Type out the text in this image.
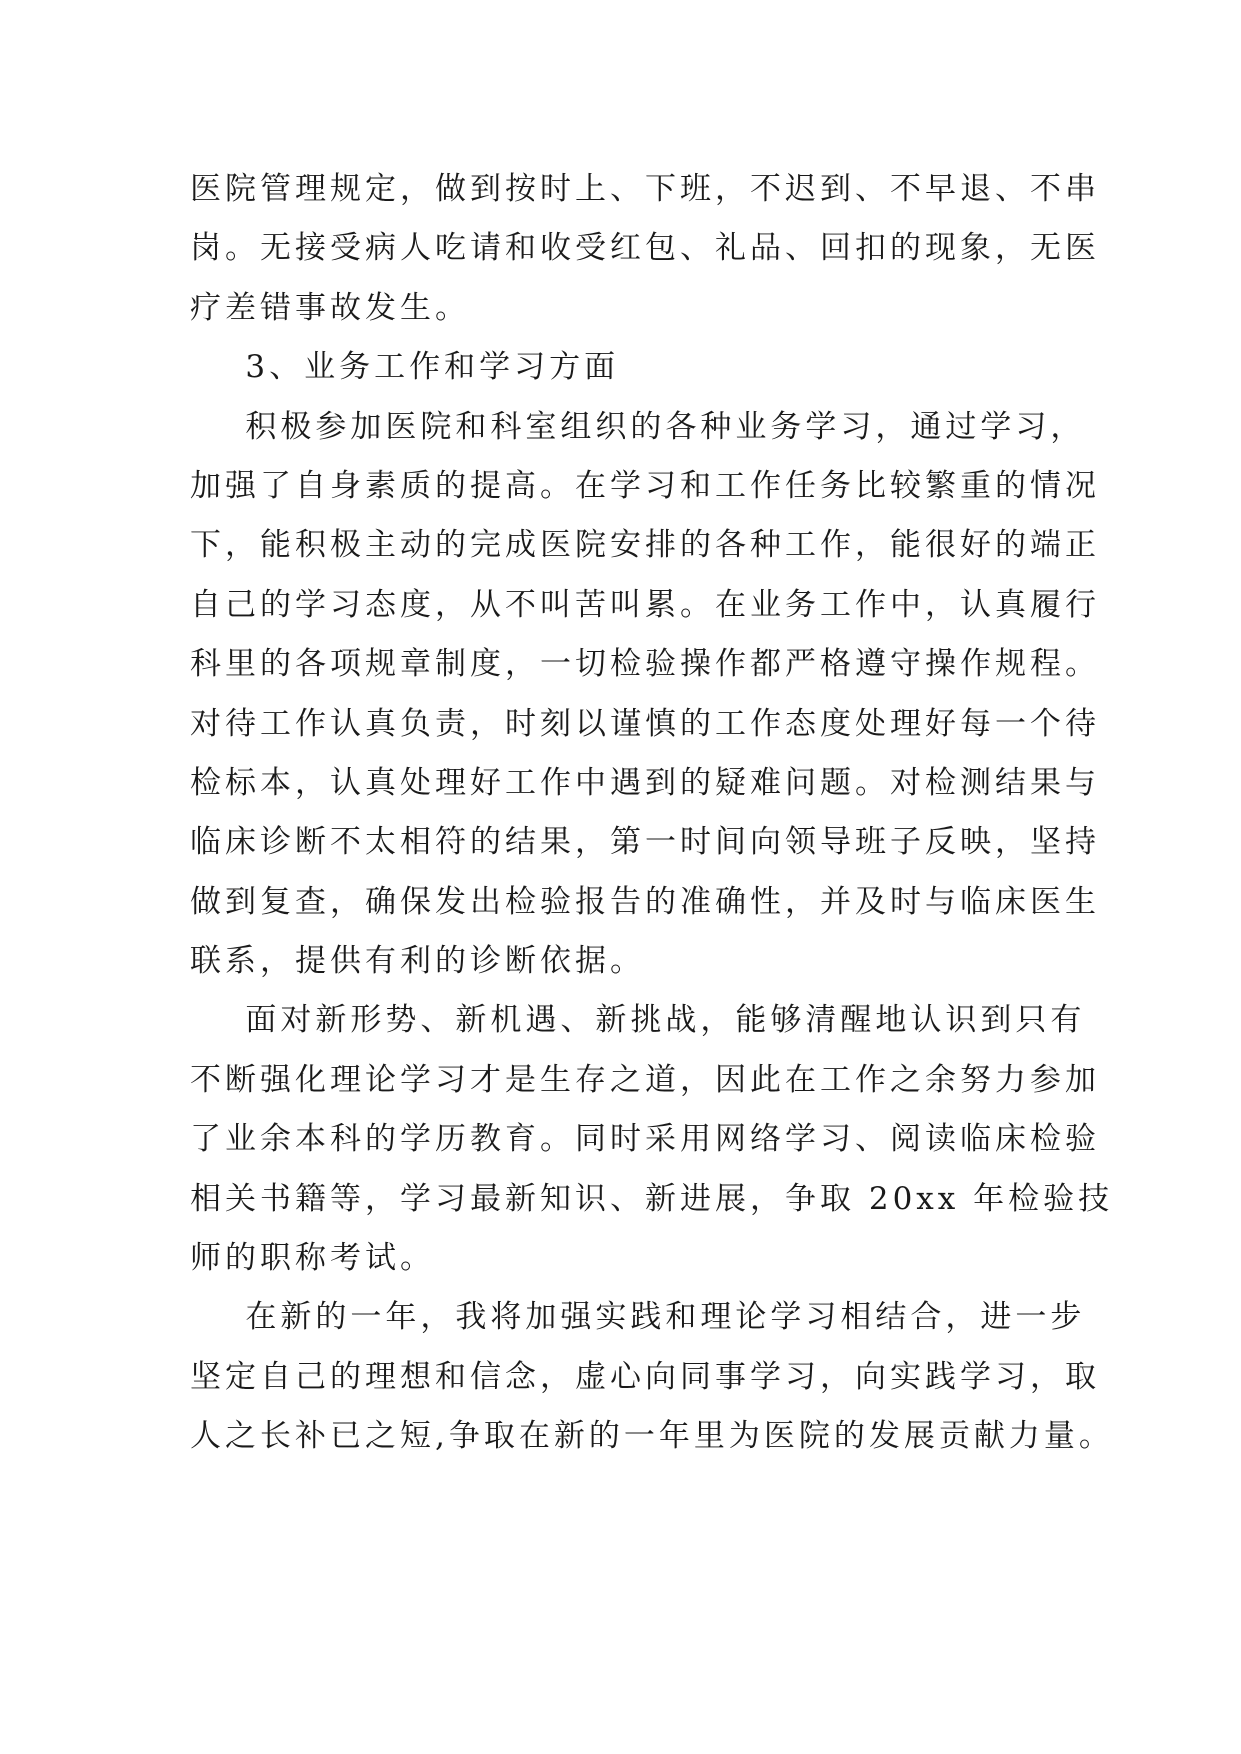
医院管理规定，做到按时上、下班，不迟到、不早退、不串
岗。无接受病人吃请和收受红包、礼品、回扣的现象，无医
疗差错事故发生。
3、业务工作和学习方面
积极参加医院和科室组织的各种业务学习，通过学习，
加强了自身素质的提高。在学习和工作任务比较繁重的情况
下，能积极主动的完成医院安排的各种工作，能很好的端正
自己的学习态度，从不叫苦叫累。在业务工作中，认真履行
科里的各项规章制度，一切检验操作都严格遵守操作规程。
对待工作认真负责，时刻以谨慎的工作态度处理好每一个待
检标本，认真处理好工作中遇到的疑难问题。对检测结果与
临床诊断不太相符的结果，第一时间向领导班子反映，坚持
做到复查，确保发出检验报告的准确性，并及时与临床医生
联系，提供有利的诊断依据。
面对新形势、新机遇、新挑战，能够清醒地认识到只有
不断强化理论学习才是生存之道，因此在工作之余努力参加
了业余本科的学历教育。同时采用网络学习、阅读临床检验
相关书籍等，学习最新知识、新进展，争取 20xx 年检验技
师的职称考试。
在新的一年，我将加强实践和理论学习相结合，进一步
坚定自己的理想和信念，虚心向同事学习，向实践学习，取
人之长补已之短,争取在新的一年里为医院的发展贡献力量。
